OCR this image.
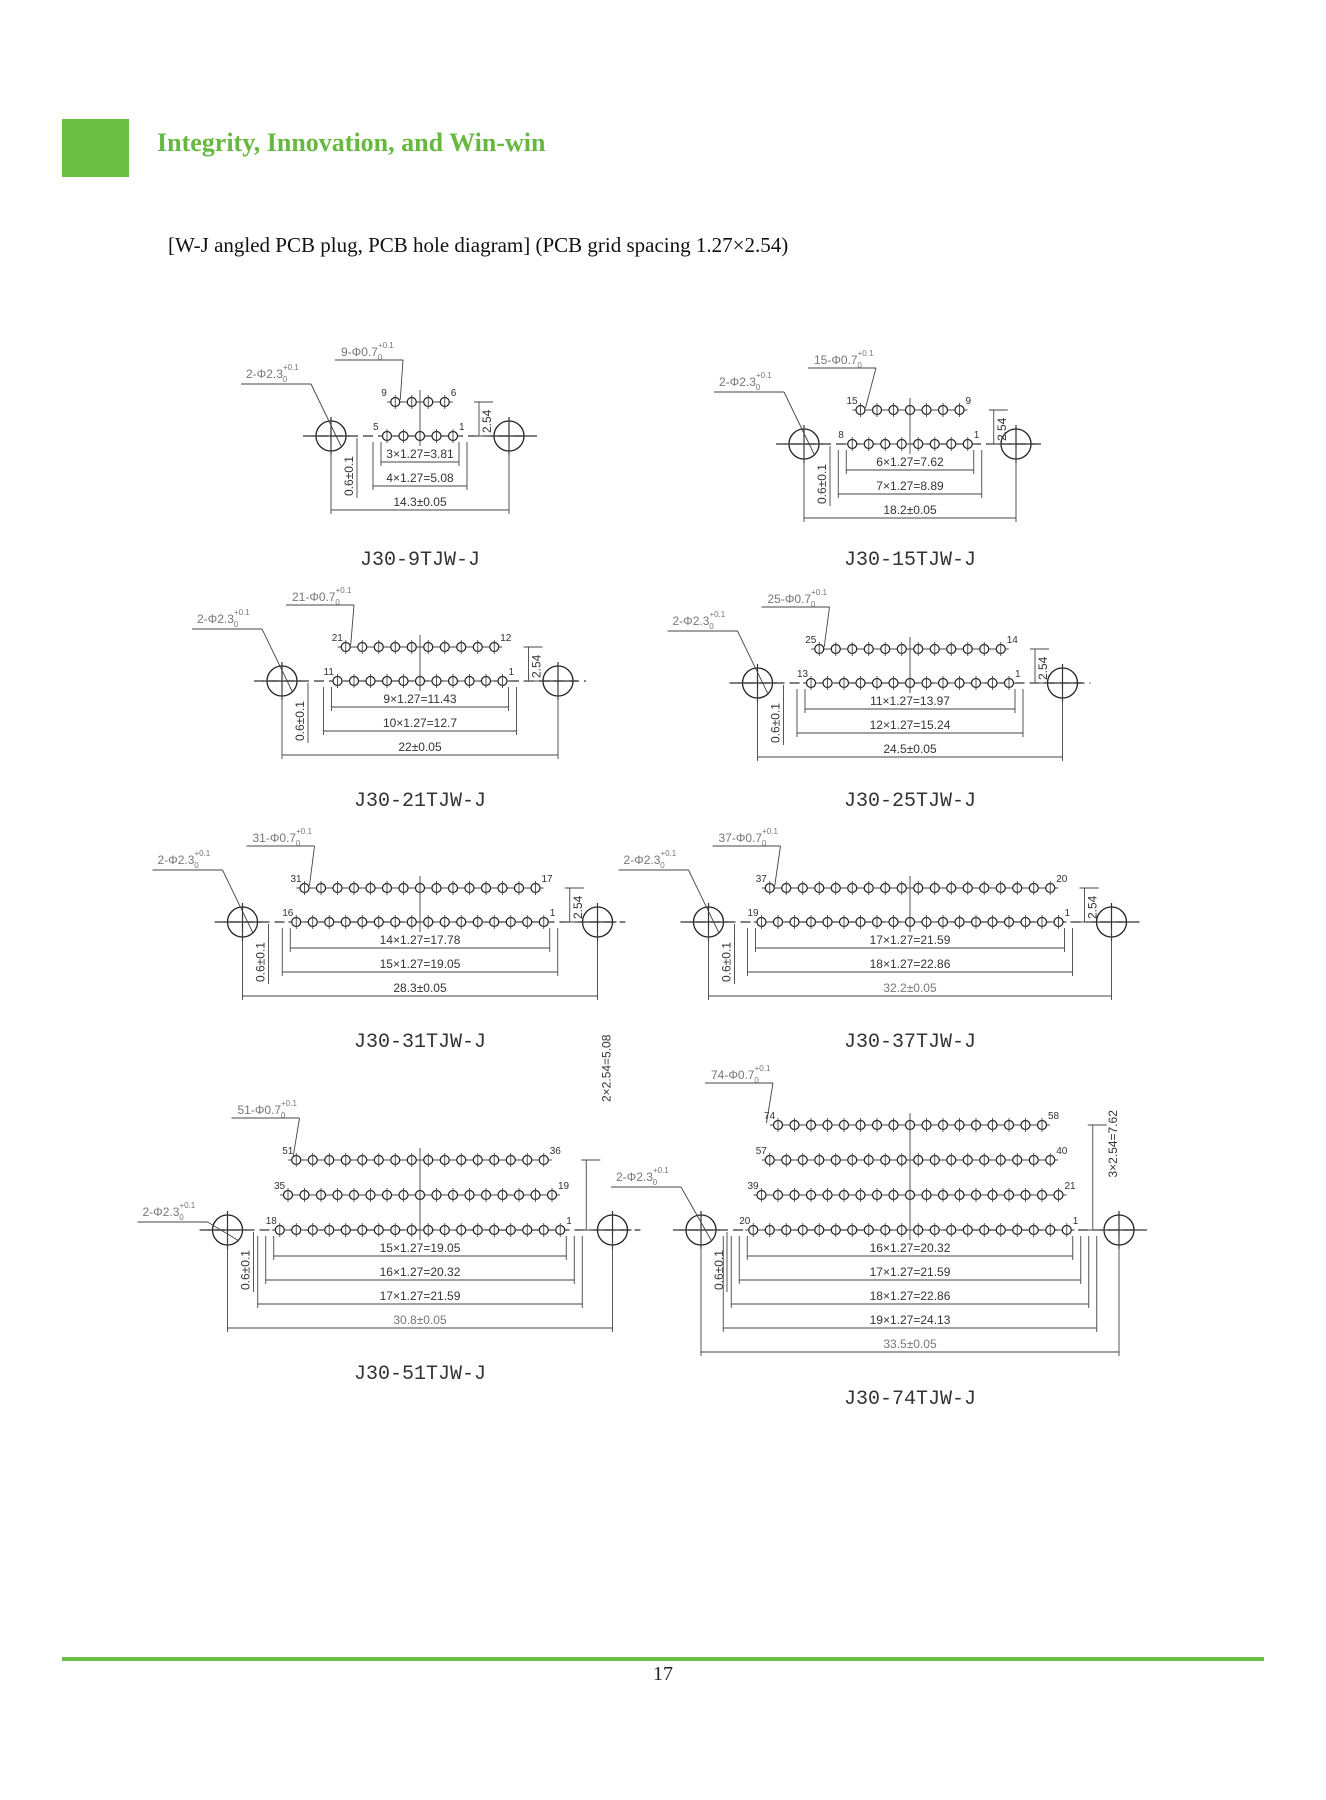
Integrity, Innovation, and Win-win
[W-J angled PCB plug, PCB hole diagram] (PCB grid spacing 1.27×2.54)
9	6
5	1
$9-\Phi 0.7^{+0.1}$ 0
$2-\Phi 2.3^{+0.1}$ 0
2.54
0.6±0.1
3×1.27=3.81
4×1.27=5.08
14.3±0.05
J30-9TJW-J
15	9
8	1
$15-\Phi 0.7^{+0.1}$ 0
$2-\Phi 2.3^{+0.1}$ 0
2.54
0.6±0.1
6×1.27=7.62
7×1.27=8.89
18.2±0.05
J30-15TJW-J
21	12
11	1
$21-\Phi 0.7^{+0.1}$ 0
$2-\Phi 2.3^{+0.1}$ 0
2.54
0.6±0.1
9×1.27=11.43
10×1.27=12.7
22±0.05
J30-21TJW-J
25	14
13	1
$25-\Phi 0.7^{+0.1}$ 0
$2-\Phi 2.3^{+0.1}$ 0
2.54
0.6±0.1
11×1.27=13.97
12×1.27=15.24
24.5±0.05
J30-25TJW-J
31	17
16	1
$31-\Phi 0.7^{+0.1}$ 0
$2-\Phi 2.3^{+0.1}$ 0
2.54
0.6±0.1
14×1.27=17.78
15×1.27=19.05
28.3±0.05
J30-31TJW-J
37	20
19	1
$37-\Phi 0.7^{+0.1}$ 0
$2-\Phi 2.3^{+0.1}$ 0
2.54
0.6±0.1
17×1.27=21.59
18×1.27=22.86
32.2±0.05
J30-37TJW-J
51	36
35	19
18	1
$51-\Phi 0.7^{+0.1}$ 0
$2-\Phi 2.3^{+0.1}$ 0
2×2.54=5.08
0.6±0.1
15×1.27=19.05
16×1.27=20.32
17×1.27=21.59
30.8±0.05
J30-51TJW-J
74	58
57	40
39	21
20	1
$74-\Phi 0.7^{+0.1}$ 0
$2-\Phi 2.3^{+0.1}$ 0
3×2.54=7.62
0.6±0.1
16×1.27=20.32
17×1.27=21.59
18×1.27=22.86
19×1.27=24.13
33.5±0.05
J30-74TJW-J
17
